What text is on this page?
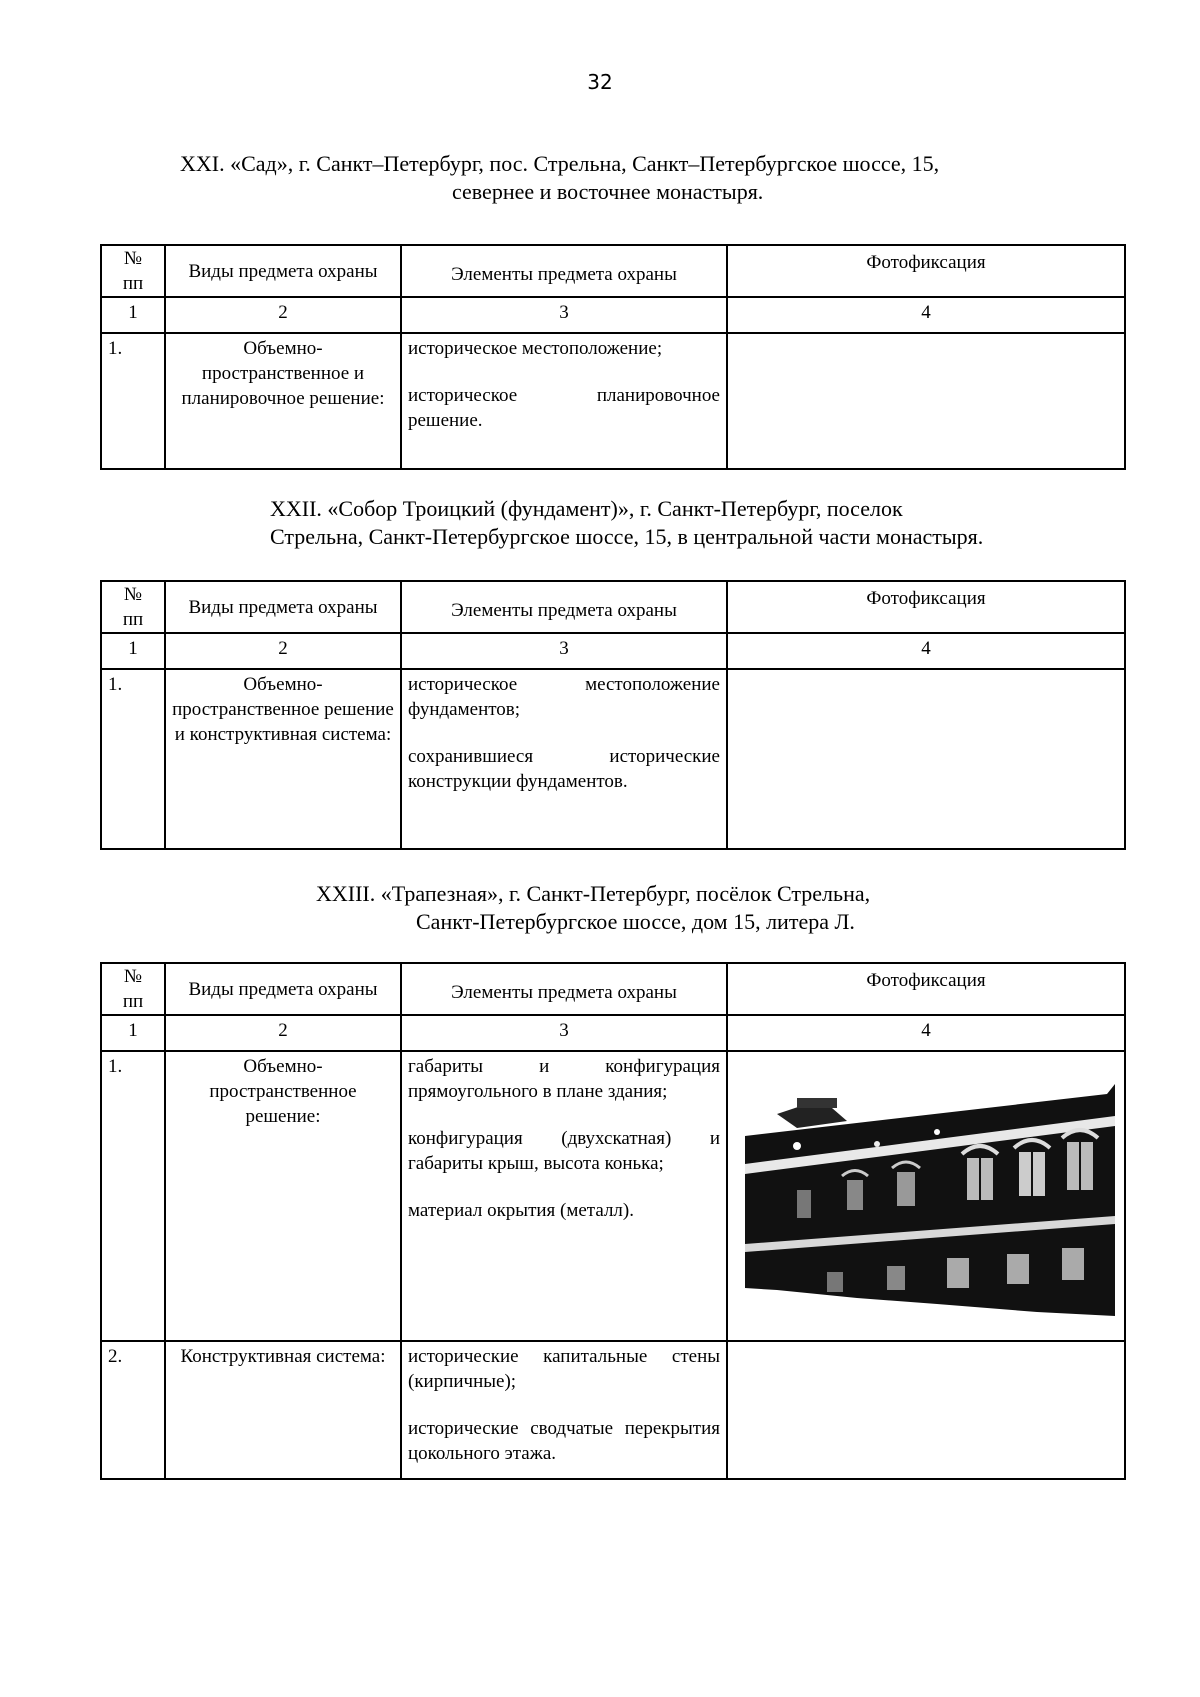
32
XXI. «Сад», г. Санкт–Петербург, пос. Стрельна, Санкт–Петербургское шоссе, 15,
севернее и восточнее монастыря.
№
пп	Виды предмета охраны	Элементы предмета охраны	Фотофиксация
1	2	3	4
1.	Объемно-пространственное и планировочное решение:	историческое местоположение;

историческое планировочное решение.	

XXII. «Собор Троицкий (фундамент)», г. Санкт-Петербург, поселок
Стрельна, Санкт-Петербургское шоссе, 15, в центральной части монастыря.
№
пп	Виды предмета охраны	Элементы предмета охраны	Фотофиксация
1	2	3	4
1.	Объемно-пространственное решение и конструктивная система:	историческое местоположение фундаментов;

сохранившиеся исторические конструкции фундаментов.	

XXIII. «Трапезная», г. Санкт-Петербург, посёлок Стрельна,
Санкт-Петербургское шоссе, дом 15, литера Л.
№
пп	Виды предмета охраны	Элементы предмета охраны	Фотофиксация
1	2	3	4
1.	Объемно-пространственное решение:	габариты и конфигурация прямоугольного в плане здания;

конфигурация (двухскатная) и габариты крыш, высота конька;

материал окрытия (металл).

2.	Конструктивная система:	исторические капитальные стены (кирпичные);

исторические сводчатые перекрытия цокольного этажа.	
